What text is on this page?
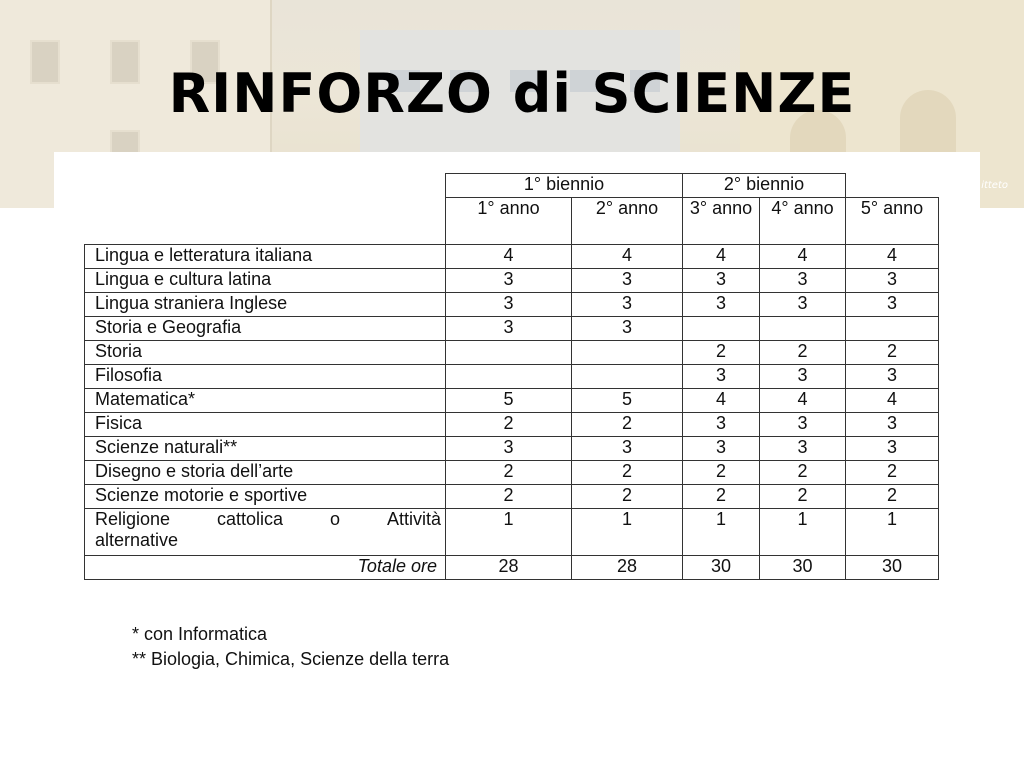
itteto
RINFORZO di SCIENZE
	1° biennio		2° biennio		
	1° anno	2° anno	3° anno	4° anno	5° anno
Lingua e letteratura italiana	4	4	4	4	4
Lingua e cultura latina	3	3	3	3	3
Lingua straniera Inglese	3	3	3	3	3
Storia e Geografia	3	3			
Storia			2	2	2
Filosofia			3	3	3
Matematica*	5	5	4	4	4
Fisica	2	2	3	3	3
Scienze naturali**	3	3	3	3	3
Disegno e storia dell’arte	2	2	2	2	2
Scienze motorie e sportive	2	2	2	2	2

Religione cattolica o Attività
alternative	1	1	1	1	1
Totale ore	28	28	30	30	30
* con Informatica
** Biologia, Chimica, Scienze della terra
